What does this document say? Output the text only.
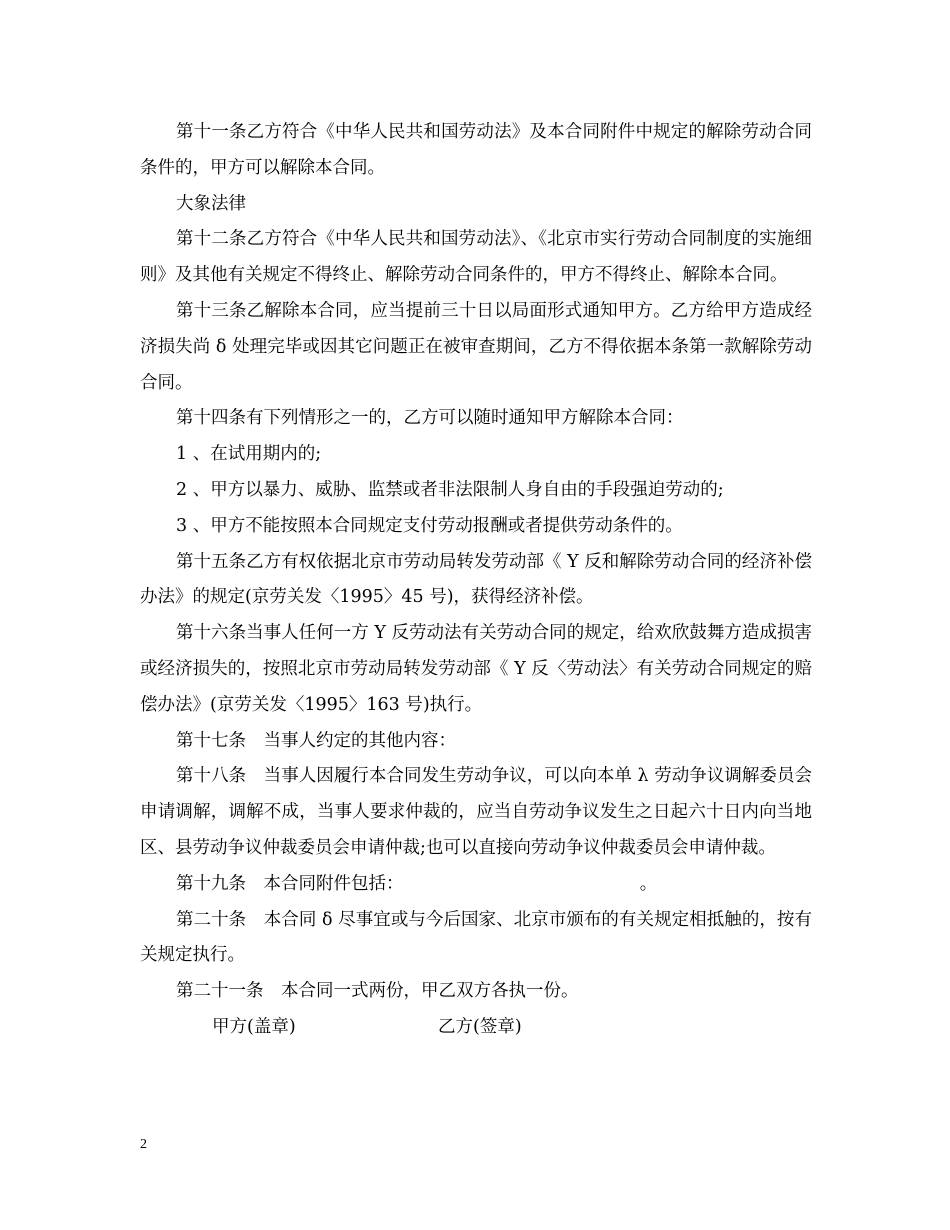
第十一条乙方符合《中华人民共和国劳动法》及本合同附件中规定的解除劳动合同条件的，甲方可以解除本合同。

大象法律

第十二条乙方符合《中华人民共和国劳动法》、《北京市实行劳动合同制度的实施细则》及其他有关规定不得终止、解除劳动合同条件的，甲方不得终止、解除本合同。

第十三条乙解除本合同，应当提前三十日以局面形式通知甲方。乙方给甲方造成经济损失尚 δ 处理完毕或因其它问题正在被审查期间，乙方不得依据本条第一款解除劳动合同。

第十四条有下列情形之一的，乙方可以随时通知甲方解除本合同：

1 、在试用期内的;

2 、甲方以暴力、威胁、监禁或者非法限制人身自由的手段强迫劳动的;

3 、甲方不能按照本合同规定支付劳动报酬或者提供劳动条件的。

第十五条乙方有权依据北京市劳动局转发劳动部《 Υ 反和解除劳动合同的经济补偿办法》的规定(京劳关发〈1995〉45 号)，获得经济补偿。

第十六条当事人任何一方 Υ 反劳动法有关劳动合同的规定，给欢欣鼓舞方造成损害或经济损失的，按照北京市劳动局转发劳动部《 Υ 反〈劳动法〉有关劳动合同规定的赔偿办法》(京劳关发〈1995〉163 号)执行。

第十七条　当事人约定的其他内容：

第十八条　当事人因履行本合同发生劳动争议，可以向本单 λ 劳动争议调解委员会申请调解，调解不成，当事人要求仲裁的，应当自劳动争议发生之日起六十日内向当地区、县劳动争议仲裁委员会申请仲裁;也可以直接向劳动争议仲裁委员会申请仲裁。

第十九条　本合同附件包括：　　　　　　　　　　　　　　。

第二十条　本合同 δ 尽事宜或与今后国家、北京市颁布的有关规定相抵触的，按有关规定执行。

第二十一条　本合同一式两份，甲乙双方各执一份。

甲方(盖章)	乙方(签章)

2
